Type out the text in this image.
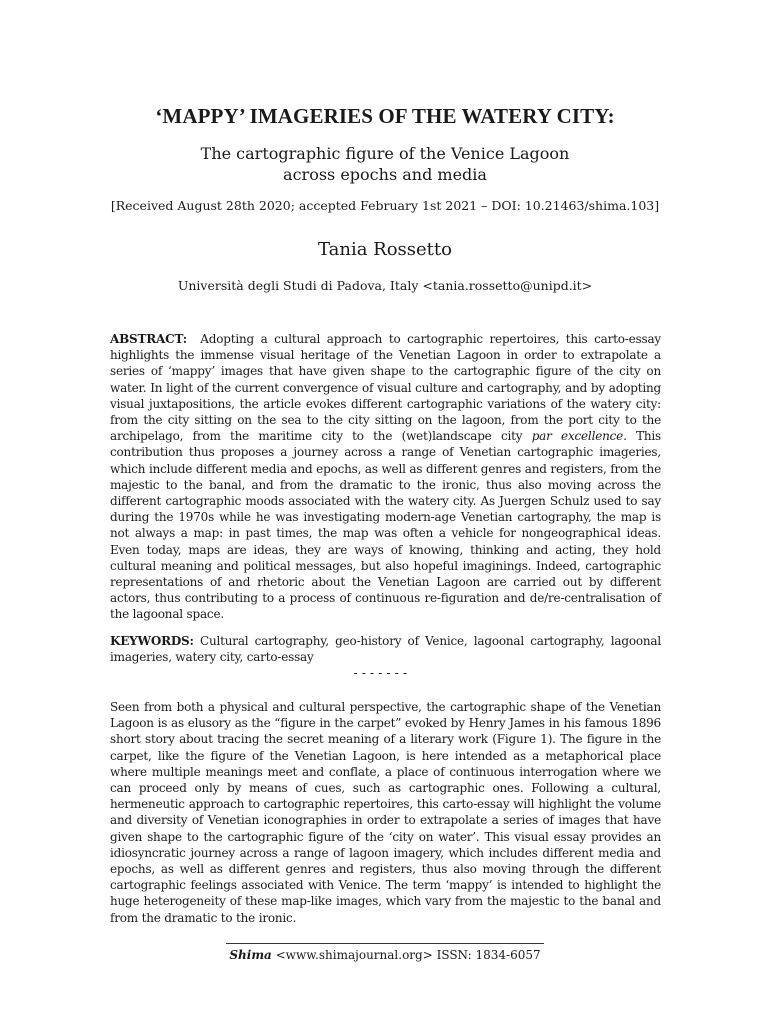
‘MAPPY’ IMAGERIES OF THE WATERY CITY:
The cartographic figure of the Venice Lagoon
across epochs and media

[Received August 28th 2020; accepted February 1st 2021 – DOI: 10.21463/shima.103]

Tania Rossetto

Università degli Studi di Padova, Italy <tania.rossetto@unipd.it>

ABSTRACT: Adopting a cultural approach to cartographic repertoires, this carto-essay highlights the immense visual heritage of the Venetian Lagoon in order to extrapolate a series of ‘mappy’ images that have given shape to the cartographic figure of the city on water. In light of the current convergence of visual culture and cartography, and by adopting visual juxtapositions, the article evokes different cartographic variations of the watery city: from the city sitting on the sea to the city sitting on the lagoon, from the port city to the archipelago, from the maritime city to the (wet)landscape city par excellence. This contribution thus proposes a journey across a range of Venetian cartographic imageries, which include different media and epochs, as well as different genres and registers, from the majestic to the banal, and from the dramatic to the ironic, thus also moving across the different cartographic moods associated with the watery city. As Juergen Schulz used to say during the 1970s while he was investigating modern-age Venetian cartography, the map is not always a map: in past times, the map was often a vehicle for nongeographical ideas. Even today, maps are ideas, they are ways of knowing, thinking and acting, they hold cultural meaning and political messages, but also hopeful imaginings. Indeed, cartographic representations of and rhetoric about the Venetian Lagoon are carried out by different actors, thus contributing to a process of continuous re-figuration and de/re-centralisation of the lagoonal space.

KEYWORDS: Cultural cartography, geo-history of Venice, lagoonal cartography, lagoonal imageries, watery city, carto-essay

-------

Seen from both a physical and cultural perspective, the cartographic shape of the Venetian Lagoon is as elusory as the “figure in the carpet” evoked by Henry James in his famous 1896 short story about tracing the secret meaning of a literary work (Figure 1). The figure in the carpet, like the figure of the Venetian Lagoon, is here intended as a metaphorical place where multiple meanings meet and conflate, a place of continuous interrogation where we can proceed only by means of cues, such as cartographic ones. Following a cultural, hermeneutic approach to cartographic repertoires, this carto-essay will highlight the volume and diversity of Venetian iconographies in order to extrapolate a series of images that have given shape to the cartographic figure of the ‘city on water’. This visual essay provides an idiosyncratic journey across a range of lagoon imagery, which includes different media and epochs, as well as different genres and registers, thus also moving through the different cartographic feelings associated with Venice. The term ‘mappy’ is intended to highlight the huge heterogeneity of these map-like images, which vary from the majestic to the banal and from the dramatic to the ironic.

Shima <www.shimajournal.org> ISSN: 1834-6057
